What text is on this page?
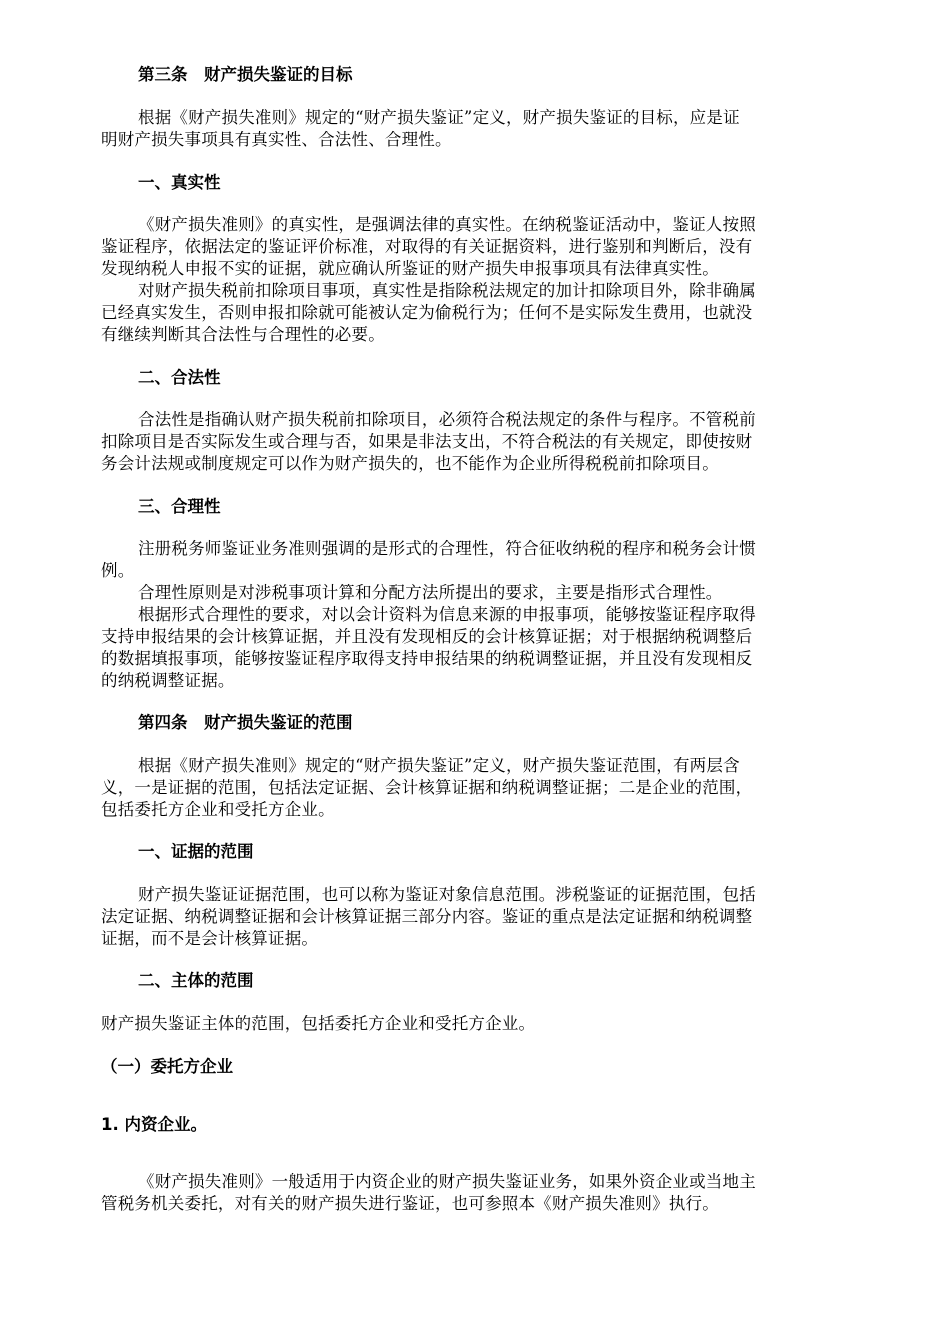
第三条　财产损失鉴证的目标
根据《财产损失准则》规定的“财产损失鉴证”定义，财产损失鉴证的目标，应是证
明财产损失事项具有真实性、合法性、合理性。
一、真实性
《财产损失准则》的真实性，是强调法律的真实性。在纳税鉴证活动中，鉴证人按照
鉴证程序，依据法定的鉴证评价标准，对取得的有关证据资料，进行鉴别和判断后，没有
发现纳税人申报不实的证据，就应确认所鉴证的财产损失申报事项具有法律真实性。
对财产损失税前扣除项目事项，真实性是指除税法规定的加计扣除项目外，除非确属
已经真实发生，否则申报扣除就可能被认定为偷税行为；任何不是实际发生费用，也就没
有继续判断其合法性与合理性的必要。
二、合法性
合法性是指确认财产损失税前扣除项目，必须符合税法规定的条件与程序。不管税前
扣除项目是否实际发生或合理与否，如果是非法支出，不符合税法的有关规定，即使按财
务会计法规或制度规定可以作为财产损失的，也不能作为企业所得税税前扣除项目。
三、合理性
注册税务师鉴证业务准则强调的是形式的合理性，符合征收纳税的程序和税务会计惯
例。
合理性原则是对涉税事项计算和分配方法所提出的要求，主要是指形式合理性。
根据形式合理性的要求，对以会计资料为信息来源的申报事项，能够按鉴证程序取得
支持申报结果的会计核算证据，并且没有发现相反的会计核算证据；对于根据纳税调整后
的数据填报事项，能够按鉴证程序取得支持申报结果的纳税调整证据，并且没有发现相反
的纳税调整证据。
第四条　财产损失鉴证的范围
根据《财产损失准则》规定的“财产损失鉴证”定义，财产损失鉴证范围，有两层含
义，一是证据的范围，包括法定证据、会计核算证据和纳税调整证据；二是企业的范围，
包括委托方企业和受托方企业。
一、证据的范围
财产损失鉴证证据范围，也可以称为鉴证对象信息范围。涉税鉴证的证据范围，包括
法定证据、纳税调整证据和会计核算证据三部分内容。鉴证的重点是法定证据和纳税调整
证据，而不是会计核算证据。
二、主体的范围
财产损失鉴证主体的范围，包括委托方企业和受托方企业。
（一）委托方企业
1. 内资企业。
《财产损失准则》一般适用于内资企业的财产损失鉴证业务，如果外资企业或当地主
管税务机关委托，对有关的财产损失进行鉴证，也可参照本《财产损失准则》执行。
